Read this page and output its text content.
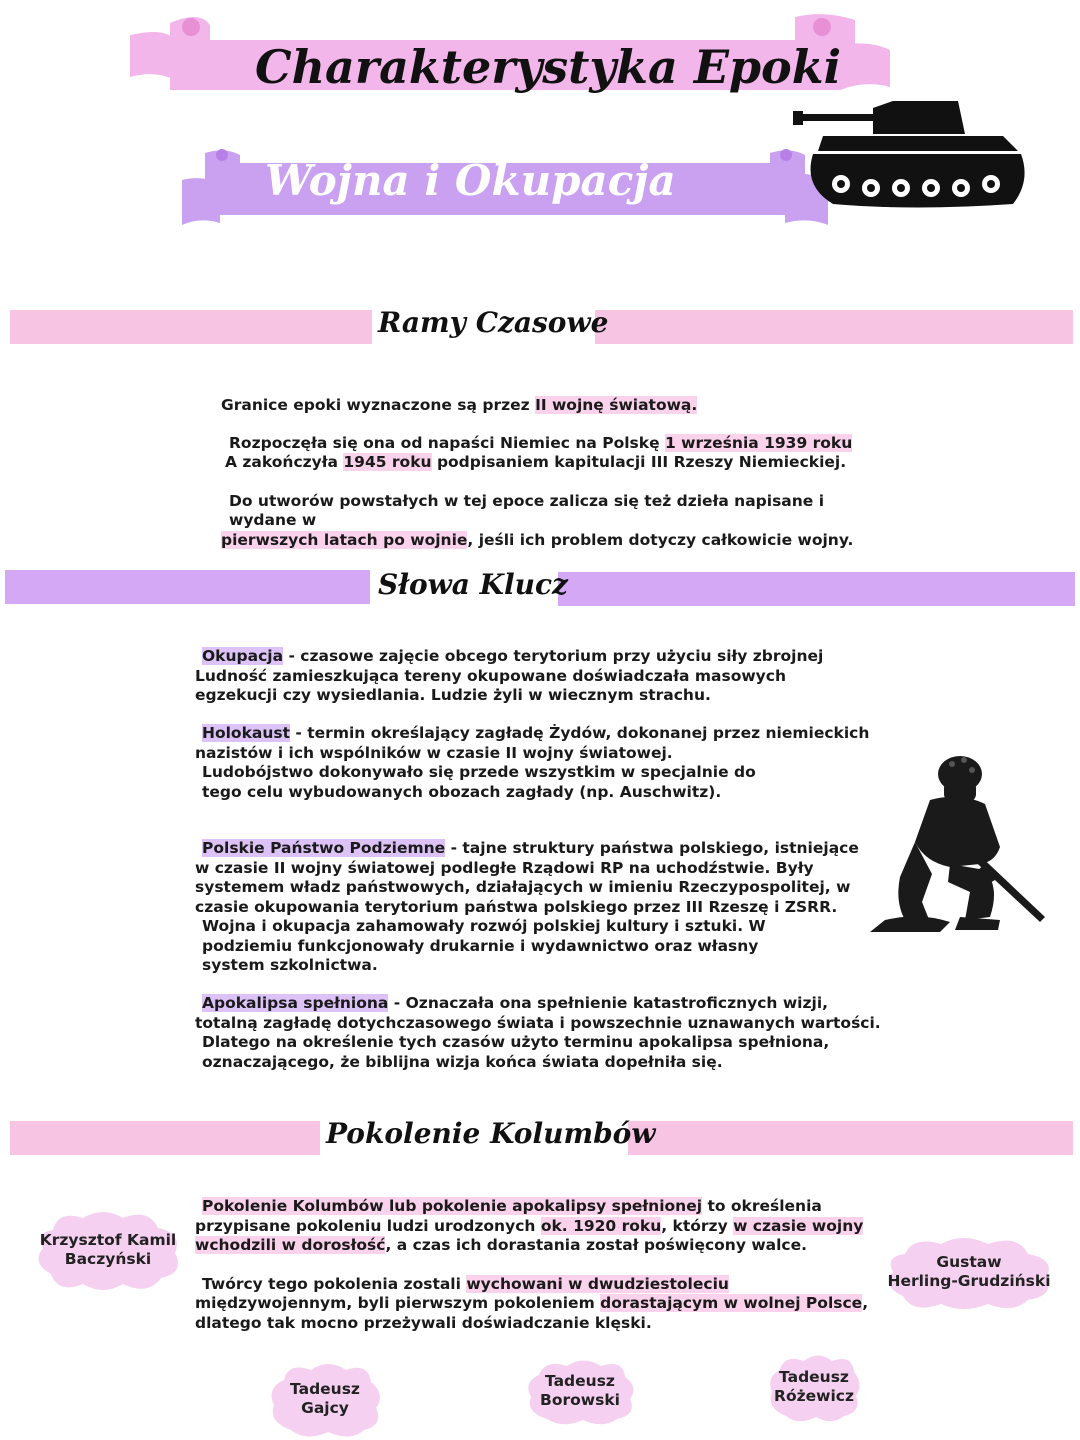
Charakterystyka Epoki
Wojna i Okupacja
Ramy Czasowe

Granice epoki wyznaczone są przez II wojnę światową.

Rozpoczęła się ona od napaści Niemiec na Polskę 1 września 1939 roku

A zakończyła 1945 roku podpisaniem kapitulacji III Rzeszy Niemieckiej.

Do utworów powstałych w tej epoce zalicza się też dzieła napisane i wydane w

pierwszych latach po wojnie, jeśli ich problem dotyczy całkowicie wojny.

Słowa Klucz

Okupacja - czasowe zajęcie obcego terytorium przy użyciu siły zbrojnej

Ludność zamieszkująca tereny okupowane doświadczała masowych egzekucji czy wysiedlania. Ludzie żyli w wiecznym strachu.

Holokaust - termin określający zagładę Żydów, dokonanej przez niemieckich nazistów i ich wspólników w czasie II wojny światowej.

Ludobójstwo dokonywało się przede wszystkim w specjalnie do tego celu wybudowanych obozach zagłady (np. Auschwitz).

Polskie Państwo Podziemne - tajne struktury państwa polskiego, istniejące w czasie II wojny światowej podległe Rządowi RP na uchodźstwie. Były systemem władz państwowych, działających w imieniu Rzeczypospolitej, w czasie okupowania terytorium państwa polskiego przez III Rzeszę i ZSRR.

Wojna i okupacja zahamowały rozwój polskiej kultury i sztuki. W podziemiu funkcjonowały drukarnie i wydawnictwo oraz własny system szkolnictwa.

Apokalipsa spełniona - Oznaczała ona spełnienie katastroficznych wizji, totalną zagładę dotychczasowego świata i powszechnie uznawanych wartości.

Dlatego na określenie tych czasów użyto terminu apokalipsa spełniona, oznaczającego, że biblijna wizja końca świata dopełniła się.

Pokolenie Kolumbów

Pokolenie Kolumbów lub pokolenie apokalipsy spełnionej to określenia przypisane pokoleniu ludzi urodzonych ok. 1920 roku, którzy w czasie wojny wchodzili w dorosłość, a czas ich dorastania został poświęcony walce.

Twórcy tego pokolenia zostali wychowani w dwudziestoleciu międzywojennym, byli pierwszym pokoleniem dorastającym w wolnej Polsce, dlatego tak mocno przeżywali doświadczanie klęski.

Krzysztof Kamil
Baczyński	Gustaw
Herling-Grudziński
Tadeusz
Gajcy
Tadeusz
Borowski
Tadeusz
Różewicz
